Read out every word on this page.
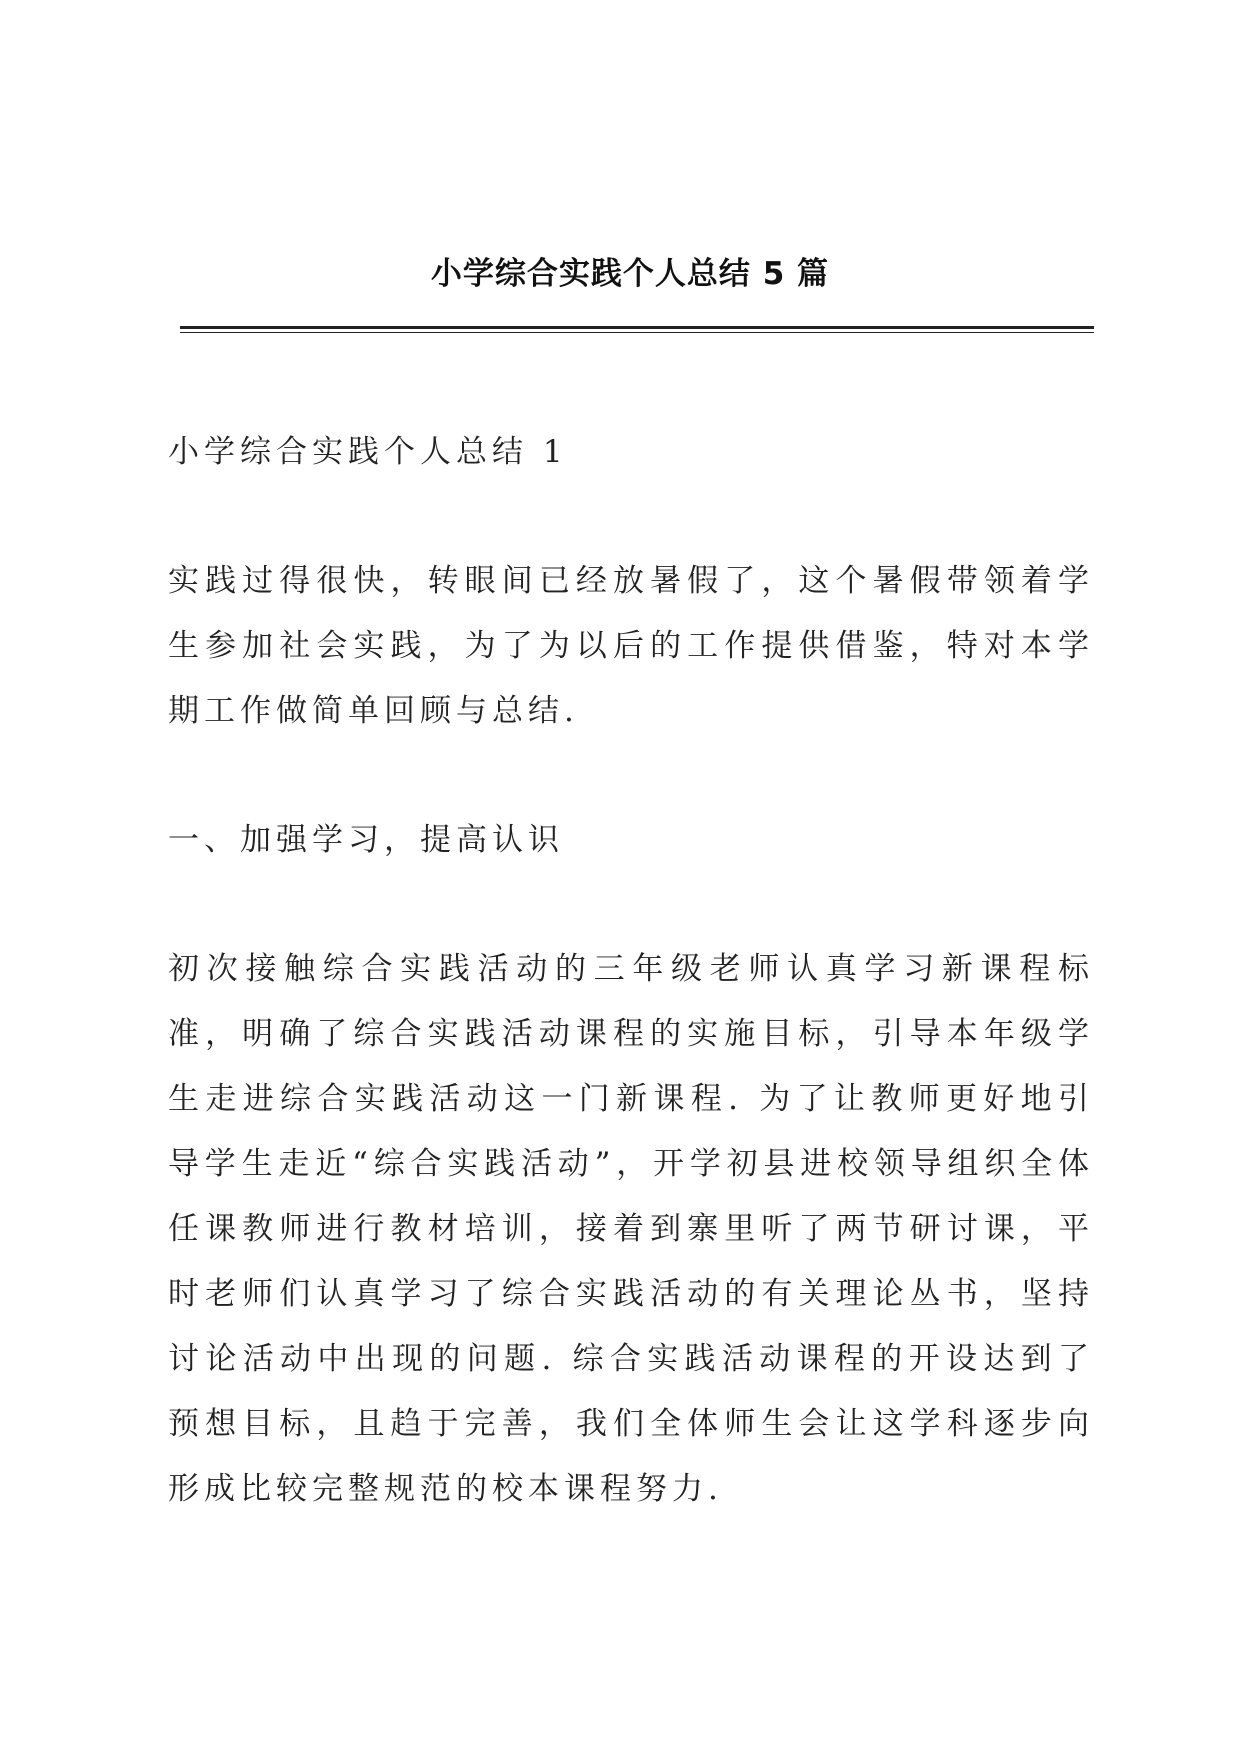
小学综合实践个人总结 5 篇

小学综合实践个人总结 1

实践过得很快，转眼间已经放暑假了，这个暑假带领着学生参加社会实践，为了为以后的工作提供借鉴，特对本学期工作做简单回顾与总结.

一、加强学习，提高认识

初次接触综合实践活动的三年级老师认真学习新课程标准，明确了综合实践活动课程的实施目标，引导本年级学生走进综合实践活动这一门新课程. 为了让教师更好地引导学生走近“综合实践活动”，开学初县进校领导组织全体任课教师进行教材培训，接着到寨里听了两节研讨课，平时老师们认真学习了综合实践活动的有关理论丛书，坚持讨论活动中出现的问题. 综合实践活动课程的开设达到了预想目标，且趋于完善，我们全体师生会让这学科逐步向形成比较完整规范的校本课程努力.
